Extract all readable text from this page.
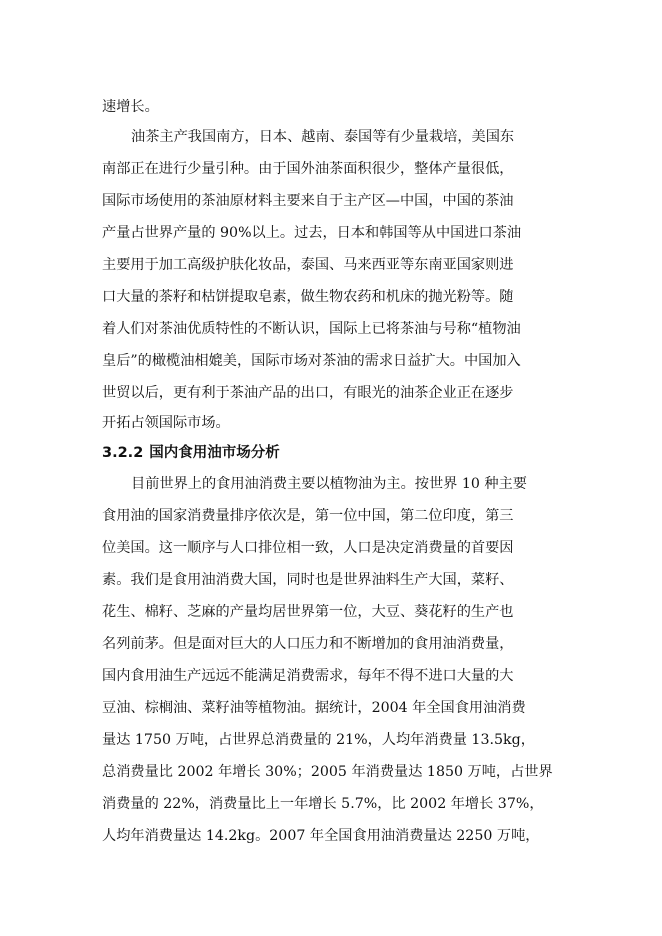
速增长。
油茶主产我国南方，日本、越南、泰国等有少量栽培，美国东
南部正在进行少量引种。由于国外油茶面积很少，整体产量很低，
国际市场使用的茶油原材料主要来自于主产区—中国，中国的茶油
产量占世界产量的 90%以上。过去，日本和韩国等从中国进口茶油
主要用于加工高级护肤化妆品，泰国、马来西亚等东南亚国家则进
口大量的茶籽和枯饼提取皂素，做生物农药和机床的抛光粉等。随
着人们对茶油优质特性的不断认识，国际上已将茶油与号称“植物油
皇后”的橄榄油相媲美，国际市场对茶油的需求日益扩大。中国加入
世贸以后，更有利于茶油产品的出口，有眼光的油茶企业正在逐步
开拓占领国际市场。
3.2.2 国内食用油市场分析
目前世界上的食用油消费主要以植物油为主。按世界 10 种主要
食用油的国家消费量排序依次是，第一位中国，第二位印度，第三
位美国。这一顺序与人口排位相一致，人口是决定消费量的首要因
素。我们是食用油消费大国，同时也是世界油料生产大国，菜籽、
花生、棉籽、芝麻的产量均居世界第一位，大豆、葵花籽的生产也
名列前茅。但是面对巨大的人口压力和不断增加的食用油消费量，
国内食用油生产远远不能满足消费需求，每年不得不进口大量的大
豆油、棕榈油、菜籽油等植物油。据统计，2004 年全国食用油消费
量达 1750 万吨，占世界总消费量的 21%，人均年消费量 13.5kg，
总消费量比 2002 年增长 30%；2005 年消费量达 1850 万吨，占世界
消费量的 22%，消费量比上一年增长 5.7%，比 2002 年增长 37%，
人均年消费量达 14.2kg。2007 年全国食用油消费量达 2250 万吨，
